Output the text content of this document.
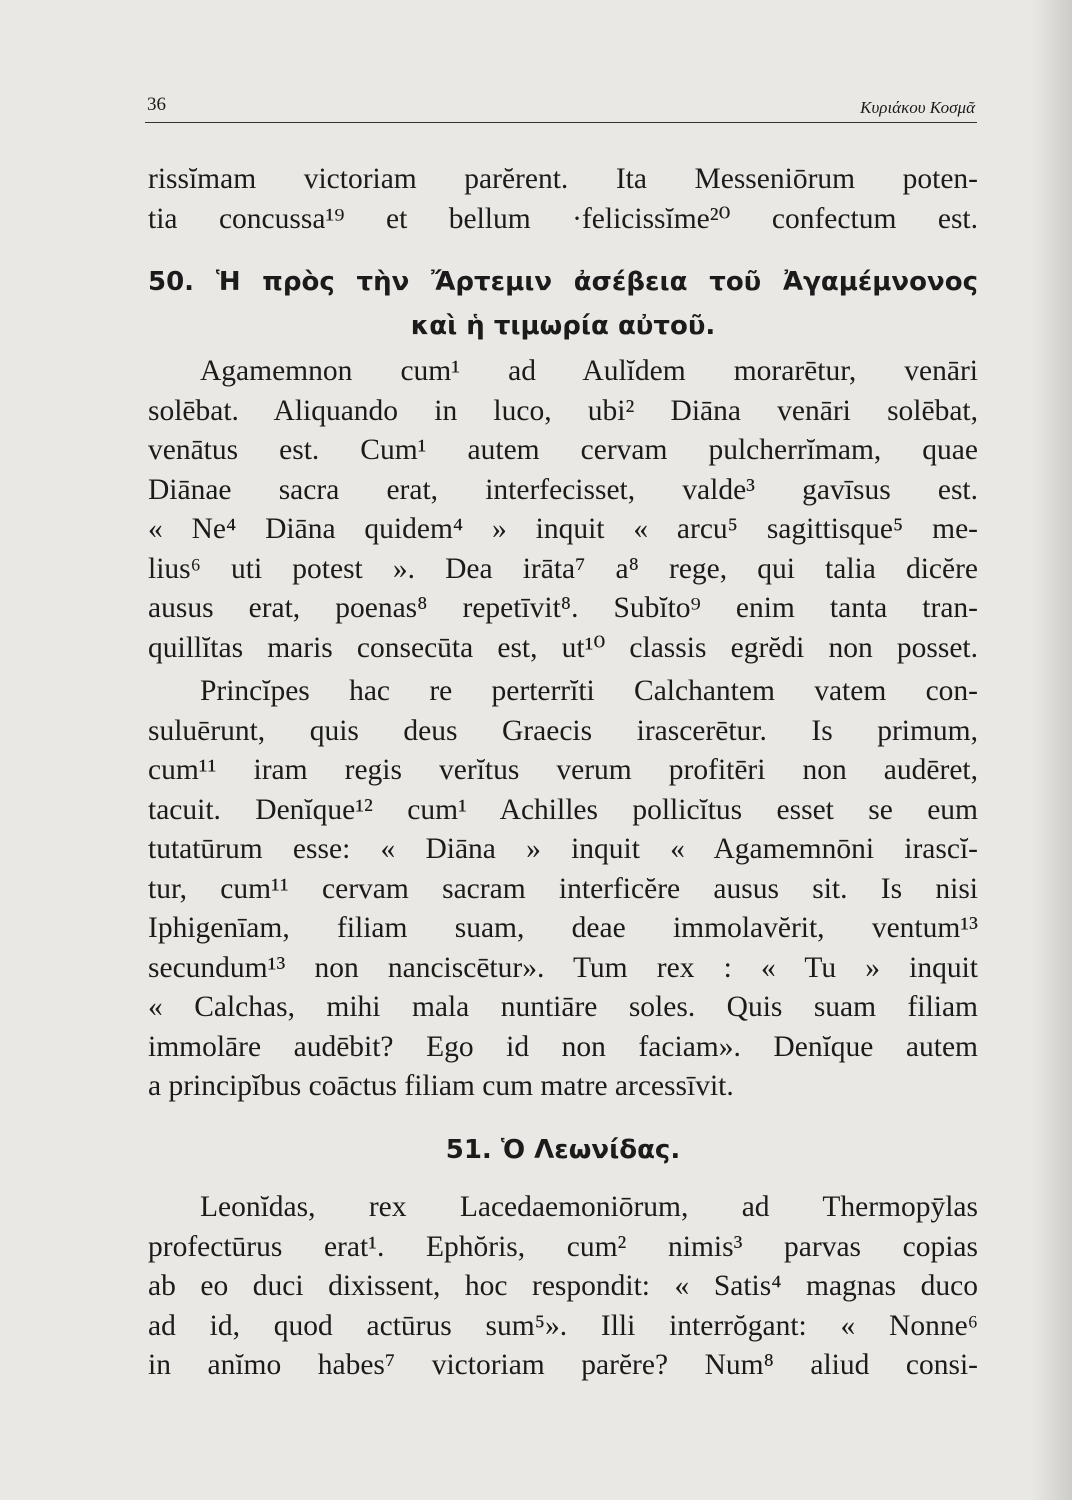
36	Κυριάκου Κοσμᾶ
rissĭmam victoriam parĕrent. Ita Messeniōrum poten-
tia concussa¹⁹ et bellum ·felicissĭme²⁰ confectum est.
50. Ἡ πρὸς τὴν Ἄρτεμιν ἀσέβεια τοῦ Ἀγαμέμνονος
καὶ ἡ τιμωρία αὐτοῦ.
Agamemnon cum¹ ad Aulĭdem morarētur, venāri
solēbat. Aliquando in luco, ubi² Diāna venāri solēbat,
venātus est. Cum¹ autem cervam pulcherrĭmam, quae
Diānae sacra erat, interfecisset, valde³ gavīsus est.
« Ne⁴ Diāna quidem⁴ » inquit « arcu⁵ sagittisque⁵ me-
lius⁶ uti potest ». Dea irāta⁷ a⁸ rege, qui talia dicĕre
ausus erat, poenas⁸ repetīvit⁸. Subĭto⁹ enim tanta tran-
quillĭtas maris consecūta est, ut¹⁰ classis egrĕdi non posset.
Princĭpes hac re perterrĭti Calchantem vatem con-
suluērunt, quis deus Graecis irascerētur. Is primum,
cum¹¹ iram regis verĭtus verum profitēri non audēret,
tacuit. Denĭque¹² cum¹ Achilles pollicĭtus esset se eum
tutatūrum esse: « Diāna » inquit « Agamemnōni irascĭ-
tur, cum¹¹ cervam sacram interficĕre ausus sit. Is nisi
Iphigenīam, filiam suam, deae immolavĕrit, ventum¹³
secundum¹³ non nanciscētur». Tum rex : « Tu » inquit
« Calchas, mihi mala nuntiāre soles. Quis suam filiam
immolāre audēbit? Ego id non faciam». Denĭque autem
a principĭbus coāctus filiam cum matre arcessīvit.
51. Ὁ Λεωνίδας.
Leonĭdas, rex Lacedaemoniōrum, ad Thermopȳlas
profectūrus erat¹. Ephŏris, cum² nimis³ parvas copias
ab eo duci dixissent, hoc respondit: « Satis⁴ magnas duco
ad id, quod actūrus sum⁵». Illi interrŏgant: « Nonne⁶
in anĭmo habes⁷ victoriam parĕre? Num⁸ aliud consi-
